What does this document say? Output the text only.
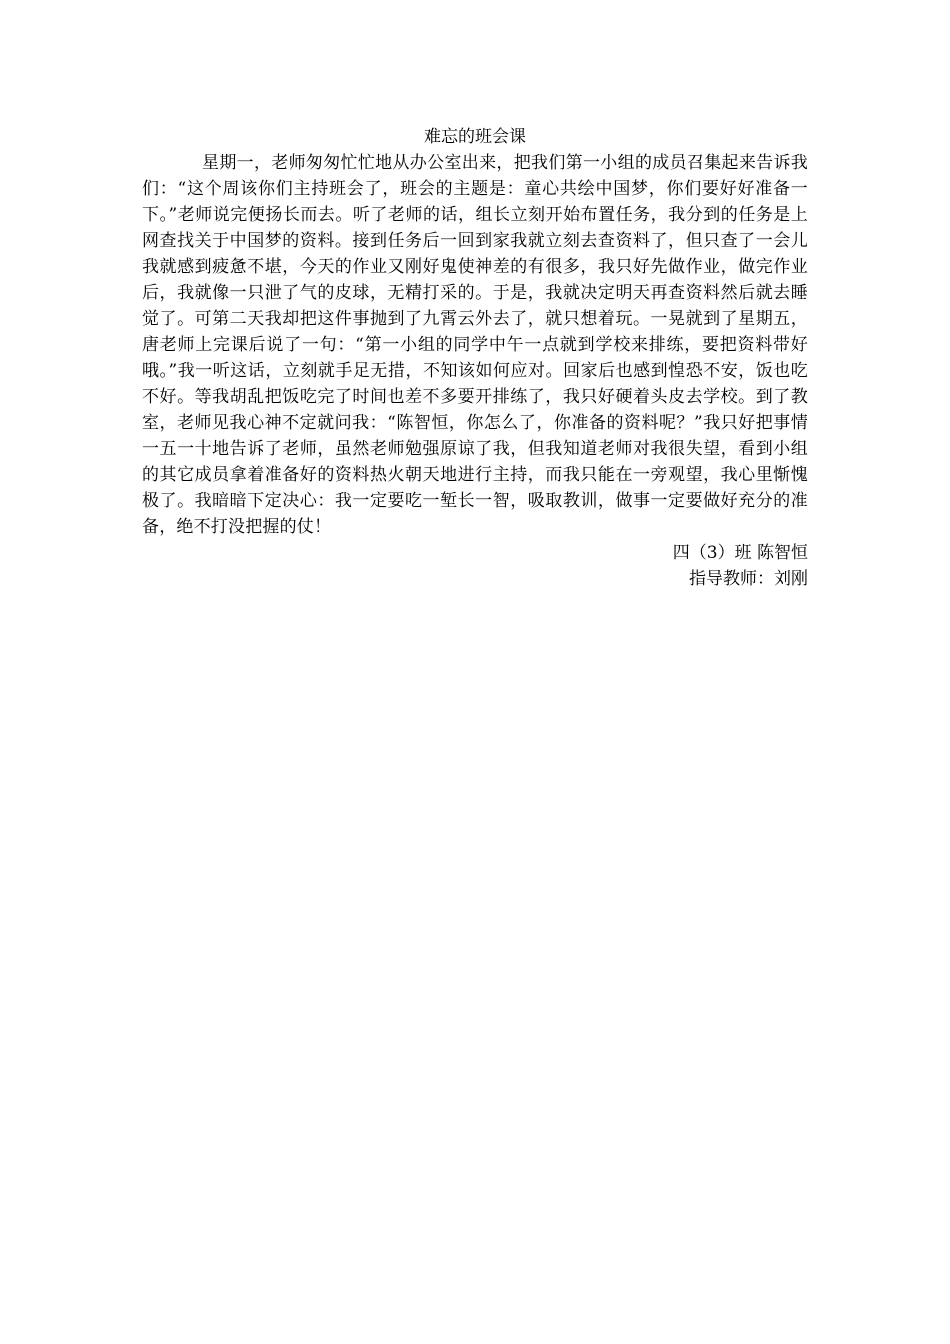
难忘的班会课

星期一，老师匆匆忙忙地从办公室出来，把我们第一小组的成员召集起来告诉我们：“这个周该你们主持班会了，班会的主题是：童心共绘中国梦，你们要好好准备一下。”老师说完便扬长而去。听了老师的话，组长立刻开始布置任务，我分到的任务是上网查找关于中国梦的资料。接到任务后一回到家我就立刻去查资料了，但只查了一会儿我就感到疲惫不堪，今天的作业又刚好鬼使神差的有很多，我只好先做作业，做完作业后，我就像一只泄了气的皮球，无精打采的。于是，我就决定明天再查资料然后就去睡觉了。可第二天我却把这件事抛到了九霄云外去了，就只想着玩。一晃就到了星期五，唐老师上完课后说了一句：“第一小组的同学中午一点就到学校来排练，要把资料带好哦。”我一听这话，立刻就手足无措，不知该如何应对。回家后也感到惶恐不安，饭也吃不好。等我胡乱把饭吃完了时间也差不多要开排练了，我只好硬着头皮去学校。到了教室，老师见我心神不定就问我：“陈智恒，你怎么了，你准备的资料呢？”我只好把事情一五一十地告诉了老师，虽然老师勉强原谅了我，但我知道老师对我很失望，看到小组的其它成员拿着准备好的资料热火朝天地进行主持，而我只能在一旁观望，我心里惭愧极了。我暗暗下定决心：我一定要吃一堑长一智，吸取教训，做事一定要做好充分的准备，绝不打没把握的仗！

四（3）班 陈智恒

指导教师：刘刚
